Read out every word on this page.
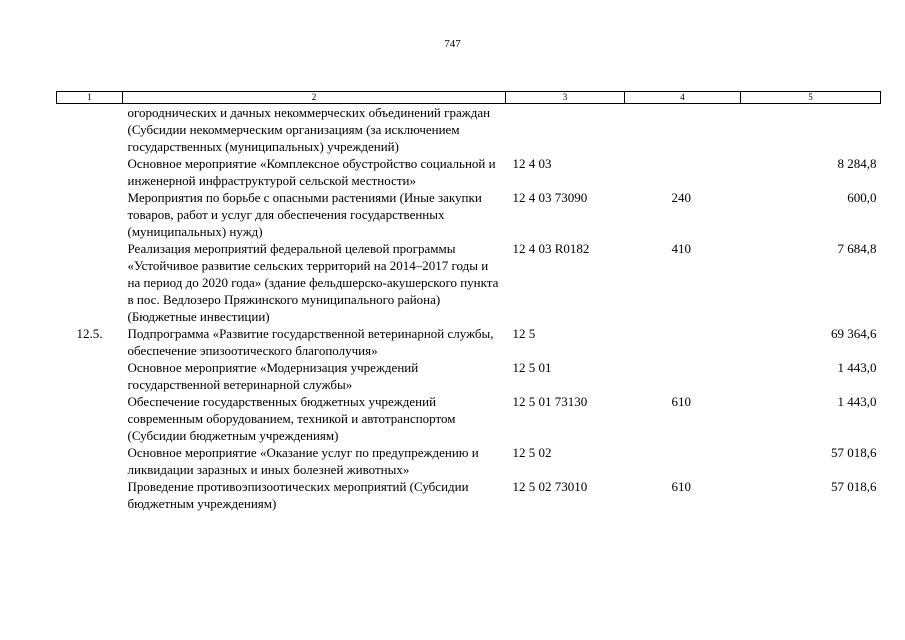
747
1	2	3	4	5
	огороднических и дачных некоммерческих объединений граждан (Субсидии некоммерческим организациям (за исключением государственных (муниципальных) учреждений)			
	Основное мероприятие «Комплексное обустройство социальной и инженерной инфраструктурой сельской местности»	12 4 03		8 284,8
	Мероприятия по борьбе с опасными растениями (Иные закупки товаров, работ и услуг для обеспечения государственных (муниципальных) нужд)	12 4 03 73090	240	600,0
	Реализация мероприятий федеральной целевой программы «Устойчивое развитие сельских территорий на 2014–2017 годы и на период до 2020 года» (здание фельдшерско-акушерского пункта в пос. Ведлозеро Пряжинского муниципального района) (Бюджетные инвестиции)	12 4 03 R0182	410	7 684,8
12.5.	Подпрограмма «Развитие государственной ветеринарной службы, обеспечение эпизоотического благополучия»	12 5		69 364,6
	Основное мероприятие «Модернизация учреждений государственной ветеринарной службы»	12 5 01		1 443,0
	Обеспечение государственных бюджетных учреждений современным оборудованием, техникой и автотранспортом (Субсидии бюджетным учреждениям)	12 5 01 73130	610	1 443,0
	Основное мероприятие «Оказание услуг по предупреждению и ликвидации заразных и иных болезней животных»	12 5 02		57 018,6
	Проведение противоэпизоотических мероприятий (Субсидии бюджетным учреждениям)	12 5 02 73010	610	57 018,6
